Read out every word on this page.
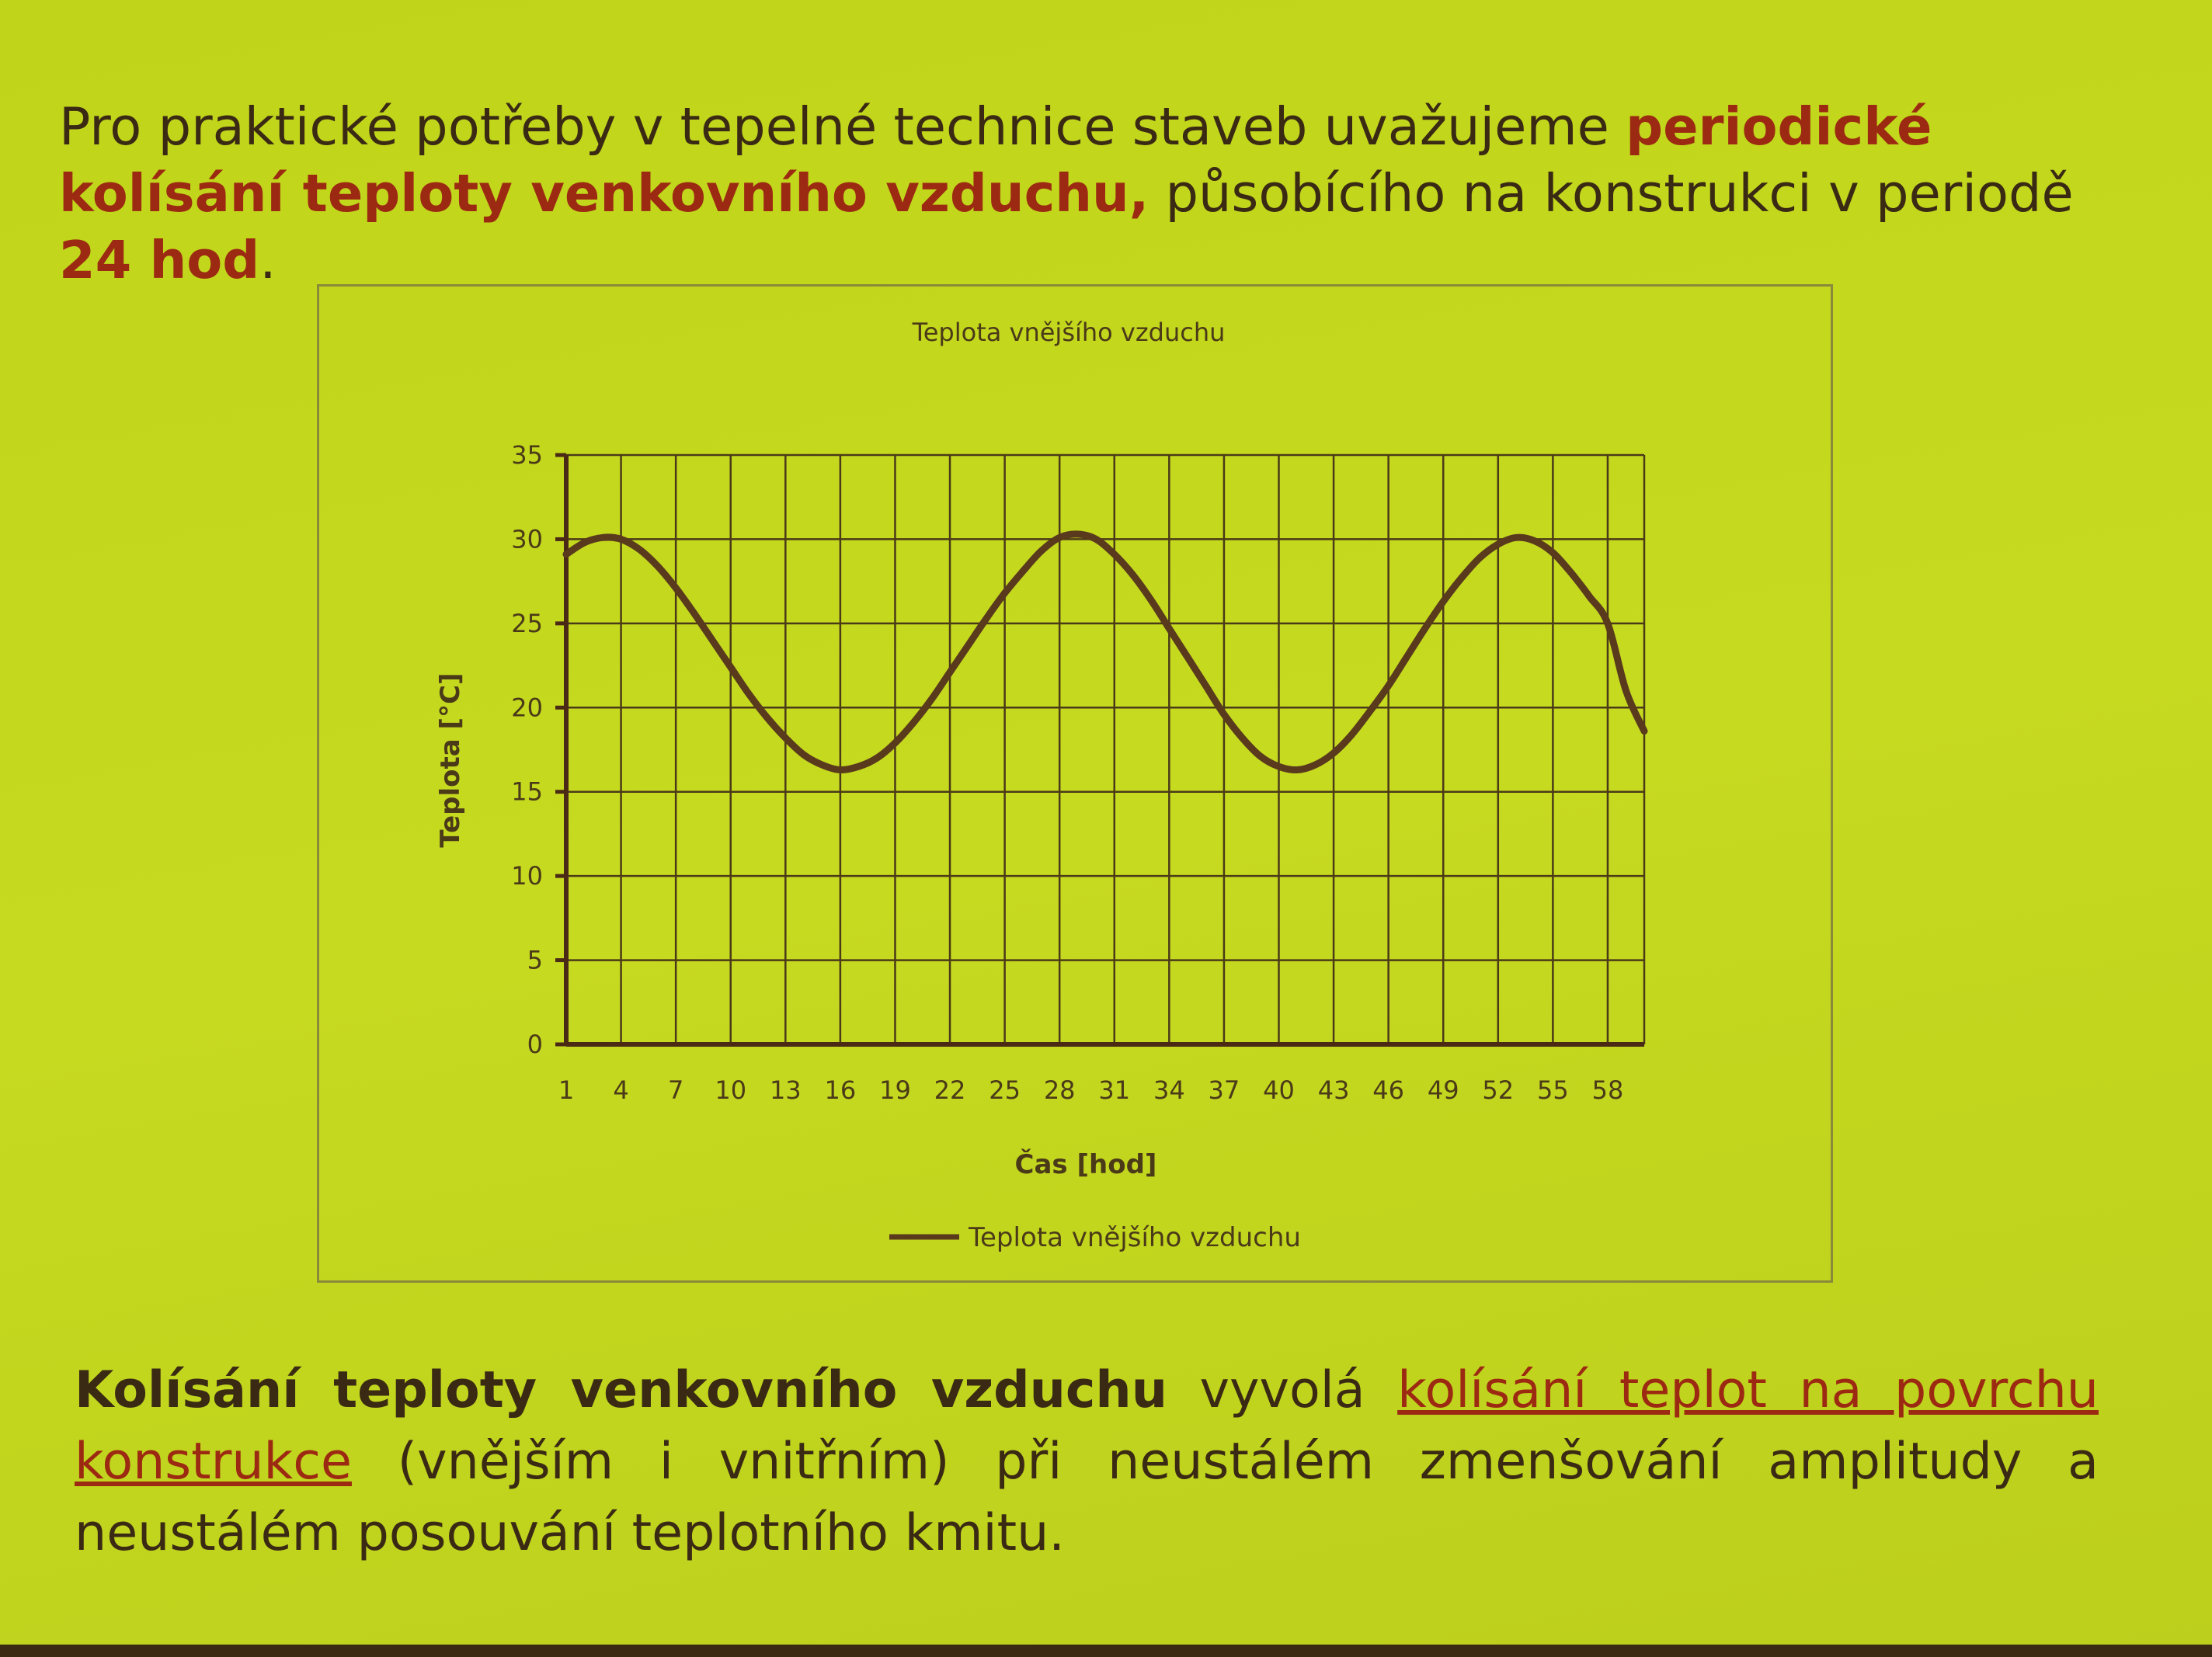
Pro praktické potřeby v tepelné technice staveb uvažujeme periodické kolísání teploty venkovního vzduchu, působícího na konstrukci v periodě 24 hod.
Teplota vnějšího vzduchu
0
5
10
15
20
25
30
35
1 4 7 10 13 16 19 22 25 28 31 34 37 40 43 46 49 52 55 58
Teplota [°C]
Čas [hod]
Teplota vnějšího vzduchu
Kolísání teploty venkovního vzduchu vyvolá kolísání teplot na povrchu konstrukce (vnějším i vnitřním) při neustálém zmenšování amplitudy a neustálém posouvání teplotního kmitu.
